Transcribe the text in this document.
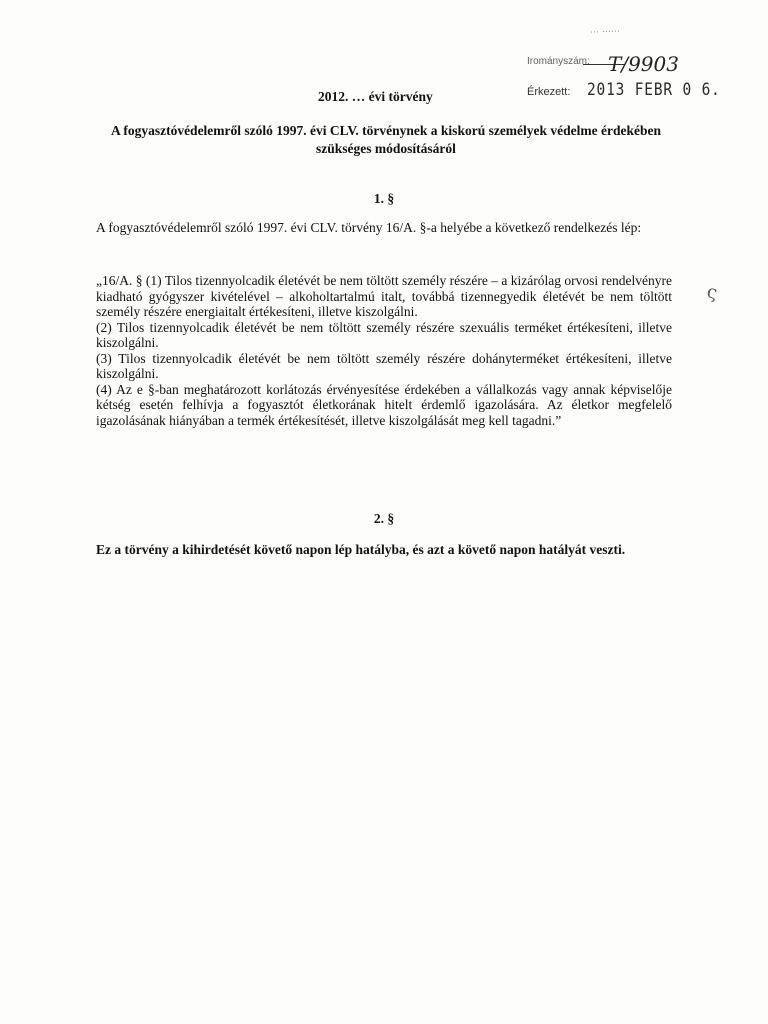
... ......
Irományszám: T/9903
Érkezett: 2013 FEBR 0 6.
ς
2012. … évi törvény
A fogyasztóvédelemről szóló 1997. évi CLV. törvénynek a kiskorú személyek védelme érdekében szükséges módosításáról
1. §

A fogyasztóvédelemről szóló 1997. évi CLV. törvény 16/A. §-a helyébe a következő rendelkezés lép:

„16/A. § (1) Tilos tizennyolcadik életévét be nem töltött személy részére – a kizárólag orvosi rendelvényre kiadható gyógyszer kivételével – alkoholtartalmú italt, továbbá tizennegyedik életévét be nem töltött személy részére energiaitalt értékesíteni, illetve kiszolgálni.
(2) Tilos tizennyolcadik életévét be nem töltött személy részére szexuális terméket értékesíteni, illetve kiszolgálni.
(3) Tilos tizennyolcadik életévét be nem töltött személy részére dohányterméket értékesíteni, illetve kiszolgálni.
(4) Az e §-ban meghatározott korlátozás érvényesítése érdekében a vállalkozás vagy annak képviselője kétség esetén felhívja a fogyasztót életkorának hitelt érdemlő igazolására. Az életkor megfelelő igazolásának hiányában a termék értékesítését, illetve kiszolgálását meg kell tagadni.”
2. §
Ez a törvény a kihirdetését követő napon lép hatályba, és azt a követő napon hatályát veszti.
